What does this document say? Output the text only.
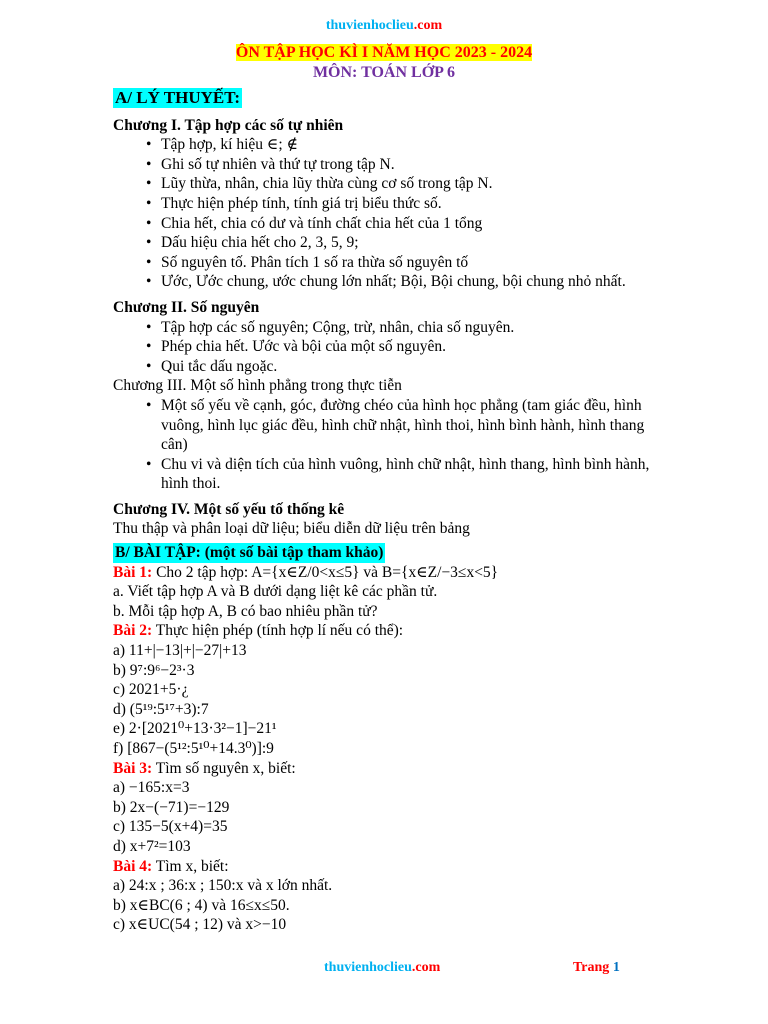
thuvienhoclieu.com
ÔN TẬP HỌC KÌ I NĂM HỌC 2023 - 2024
MÔN: TOÁN LỚP 6
A/ LÝ THUYẾT:
Chương I. Tập hợp các số tự nhiên
• Tập hợp, kí hiệu ∈; ∉
• Ghi số tự nhiên và thứ tự trong tập N.
• Lũy thừa, nhân, chia lũy thừa cùng cơ số trong tập N.
• Thực hiện phép tính, tính giá trị biểu thức số.
• Chia hết, chia có dư và tính chất chia hết của 1 tổng
• Dấu hiệu chia hết cho 2, 3, 5, 9;
• Số nguyên tố. Phân tích 1 số ra thừa số nguyên tố
• Ước, Ước chung, ước chung lớn nhất; Bội, Bội chung, bội chung nhỏ nhất.
Chương II. Số nguyên
• Tập hợp các số nguyên; Cộng, trừ, nhân, chia số nguyên.
• Phép chia hết. Ước và bội của một số nguyên.
• Qui tắc dấu ngoặc.
Chương III. Một số hình phẳng trong thực tiễn
• Một số yếu về cạnh, góc, đường chéo của hình học phẳng (tam giác đều, hình vuông, hình lục giác đều, hình chữ nhật, hình thoi, hình bình hành, hình thang cân)
• Chu vi và diện tích của hình vuông, hình chữ nhật, hình thang, hình bình hành, hình thoi.
Chương IV. Một số yếu tố thống kê
Thu thập và phân loại dữ liệu; biểu diễn dữ liệu trên bảng
B/ BÀI TẬP: (một số bài tập tham khảo)
Bài 1: Cho 2 tập hợp: A={x∈Z/0<x≤5} và B={x∈Z/−3≤x<5}
a. Viết tập hợp A và B dưới dạng liệt kê các phần tử.
b. Mỗi tập hợp A, B có bao nhiêu phần tử?
Bài 2: Thực hiện phép (tính hợp lí nếu có thể):
a) 11+|−13|+|−27|+13
b) 9⁷:9⁶−2³·3
c) 2021+5·¿
d) (5¹⁹:5¹⁷+3):7
e) 2·[2021⁰+13·3²−1]−21¹
f) [867−(5¹²:5¹⁰+14.3⁰)]:9
Bài 3: Tìm số nguyên x, biết:
a) −165:x=3
b) 2x−(−71)=−129
c) 135−5(x+4)=35
d) x+7²=103
Bài 4: Tìm x, biết:
a) 24:x ; 36:x ; 150:x và x lớn nhất.
b) x∈BC(6 ; 4) và 16≤x≤50.
c) x∈UC(54 ; 12) và x>−10
thuvienhoclieu.com	Trang 1
